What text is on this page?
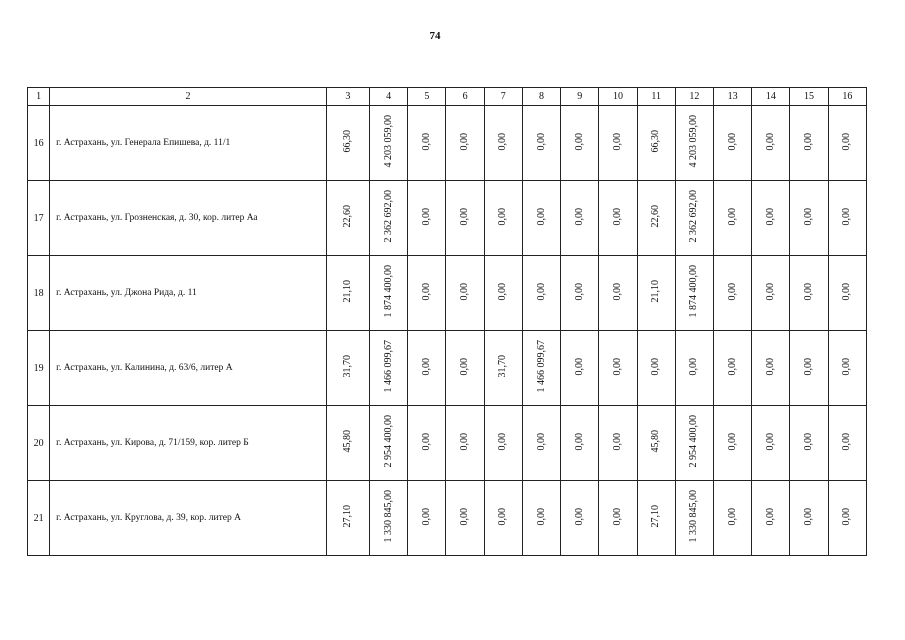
74
1	2	3	4	5	6	7	8	9	10	11	12	13	14	15	16
16	г. Астрахань, ул. Генерала Епишева, д. 11/1	66,30	4 203 059,00	0,00	0,00	0,00	0,00	0,00	0,00	66,30	4 203 059,00	0,00	0,00	0,00	0,00
17	г. Астрахань, ул. Грозненская, д. 30, кор. литер Аа	22,60	2 362 692,00	0,00	0,00	0,00	0,00	0,00	0,00	22,60	2 362 692,00	0,00	0,00	0,00	0,00
18	г. Астрахань, ул. Джона Рида, д. 11	21,10	1 874 400,00	0,00	0,00	0,00	0,00	0,00	0,00	21,10	1 874 400,00	0,00	0,00	0,00	0,00
19	г. Астрахань, ул. Калинина, д. 63/6, литер А	31,70	1 466 099,67	0,00	0,00	31,70	1 466 099,67	0,00	0,00	0,00	0,00	0,00	0,00	0,00	0,00
20	г. Астрахань, ул. Кирова, д. 71/159, кор. литер Б	45,80	2 954 400,00	0,00	0,00	0,00	0,00	0,00	0,00	45,80	2 954 400,00	0,00	0,00	0,00	0,00
21	г. Астрахань, ул. Круглова, д. 39, кор. литер А	27,10	1 330 845,00	0,00	0,00	0,00	0,00	0,00	0,00	27,10	1 330 845,00	0,00	0,00	0,00	0,00
